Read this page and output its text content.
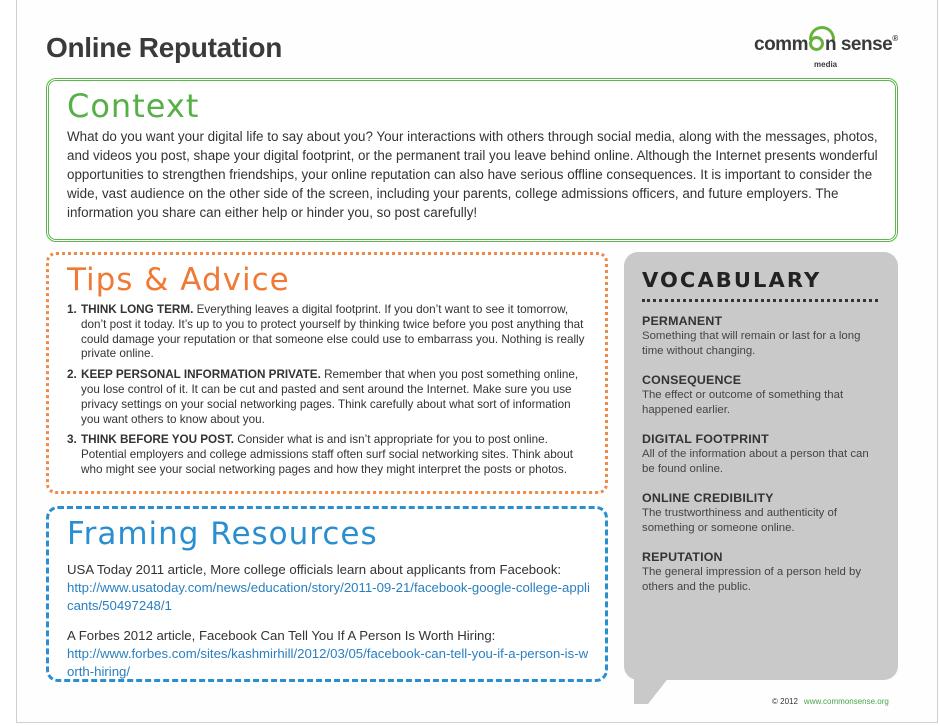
Online Reputation	comm n sense®
media
Context

What do you want your digital life to say about you? Your interactions with others through social media, along with the messages, photos, and videos you post, shape your digital footprint, or the permanent trail you leave behind online. Although the Internet presents wonderful opportunities to strengthen friendships, your online reputation can also have serious offline consequences. It is important to consider the wide, vast audience on the other side of the screen, including your parents, college admissions officers, and future employers. The information you share can either help or hinder you, so post carefully!

Tips & Advice
1. THINK LONG TERM. Everything leaves a digital footprint. If you don’t want to see it tomorrow, don’t post it today. It’s up to you to protect yourself by thinking twice before you post anything that could damage your reputation or that someone else could use to embarrass you. Nothing is really private online.
2. KEEP PERSONAL INFORMATION PRIVATE. Remember that when you post something online, you lose control of it. It can be cut and pasted and sent around the Internet. Make sure you use privacy settings on your social networking pages. Think carefully about what sort of information you want others to know about you.
3. THINK BEFORE YOU POST. Consider what is and isn’t appropriate for you to post online. Potential employers and college admissions staff often surf social networking sites. Think about who might see your social networking pages and how they might interpret the posts or photos.
Framing Resources
USA Today 2011 article, More college officials learn about applicants from Facebook:
http://www.usatoday.com/news/education/story/2011-09-21/facebook-google-college-applicants/50497248/1
A Forbes 2012 article, Facebook Can Tell You If A Person Is Worth Hiring:
http://www.forbes.com/sites/kashmirhill/2012/03/05/facebook-can-tell-you-if-a-person-is-worth-hiring/
VOCABULARY
PERMANENT
Something that will remain or last for a long time without changing.
CONSEQUENCE
The effect or outcome of something that happened earlier.
DIGITAL FOOTPRINT
All of the information about a person that can be found online.
ONLINE CREDIBILITY
The trustworthiness and authenticity of something or someone online.
REPUTATION
The general impression of a person held by others and the public.
© 2012 www.commonsense.org
